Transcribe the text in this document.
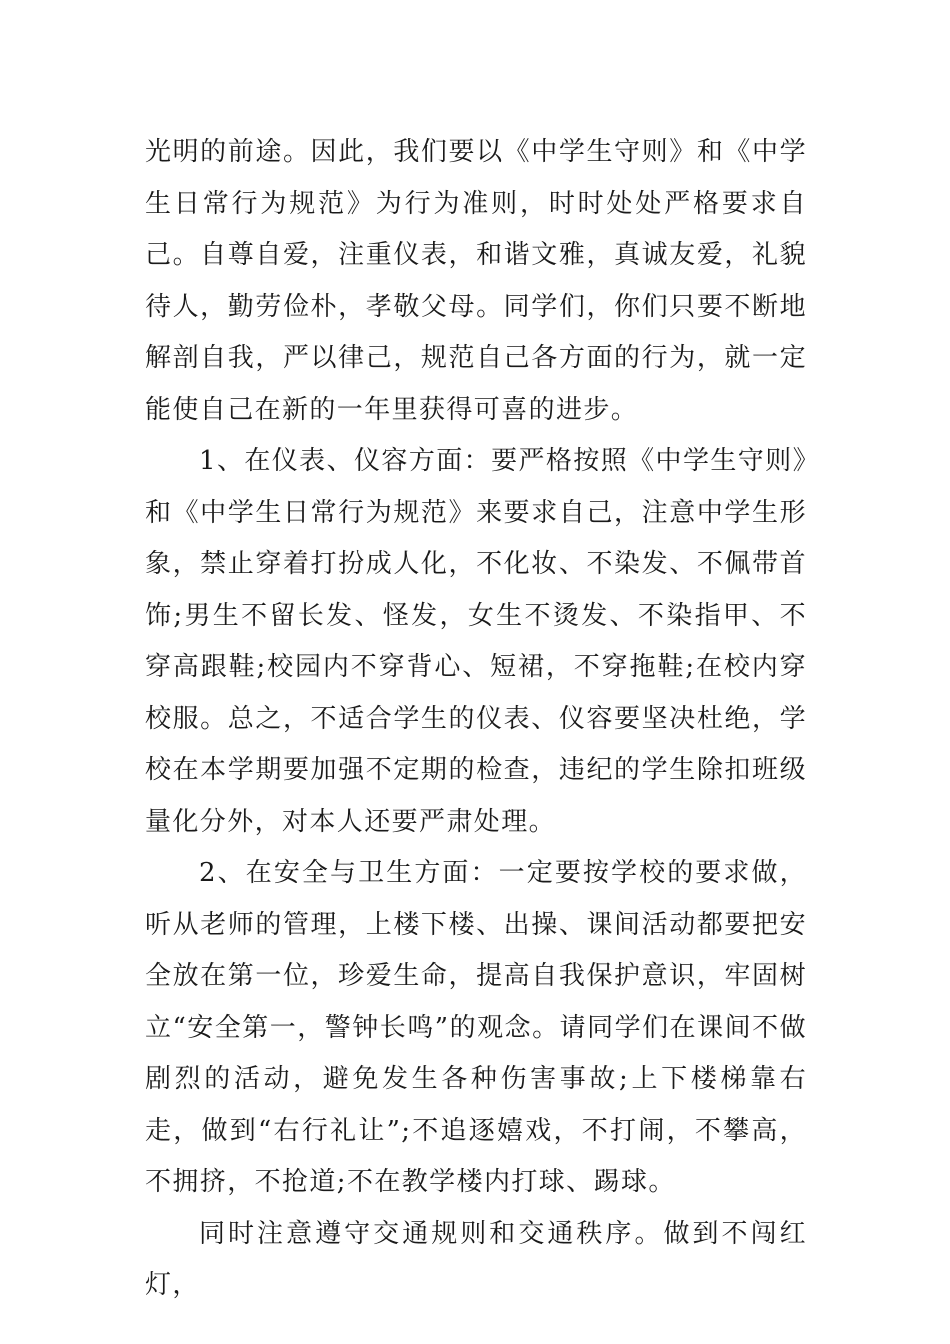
光明的前途。因此，我们要以《中学生守则》和《中学生日常行为规范》为行为准则，时时处处严格要求自己。自尊自爱，注重仪表，和谐文雅，真诚友爱，礼貌待人，勤劳俭朴，孝敬父母。同学们，你们只要不断地解剖自我，严以律己，规范自己各方面的行为，就一定能使自己在新的一年里获得可喜的进步。

1、在仪表、仪容方面：要严格按照《中学生守则》和《中学生日常行为规范》来要求自己，注意中学生形象，禁止穿着打扮成人化，不化妆、不染发、不佩带首饰;男生不留长发、怪发，女生不烫发、不染指甲、不穿高跟鞋;校园内不穿背心、短裙，不穿拖鞋;在校内穿校服。总之，不适合学生的仪表、仪容要坚决杜绝，学校在本学期要加强不定期的检查，违纪的学生除扣班级量化分外，对本人还要严肃处理。

2、在安全与卫生方面：一定要按学校的要求做，听从老师的管理，上楼下楼、出操、课间活动都要把安全放在第一位，珍爱生命，提高自我保护意识，牢固树立“安全第一，警钟长鸣”的观念。请同学们在课间不做剧烈的活动，避免发生各种伤害事故;上下楼梯靠右走，做到“右行礼让”;不追逐嬉戏，不打闹，不攀高，不拥挤，不抢道;不在教学楼内打球、踢球。

同时注意遵守交通规则和交通秩序。做到不闯红灯，
